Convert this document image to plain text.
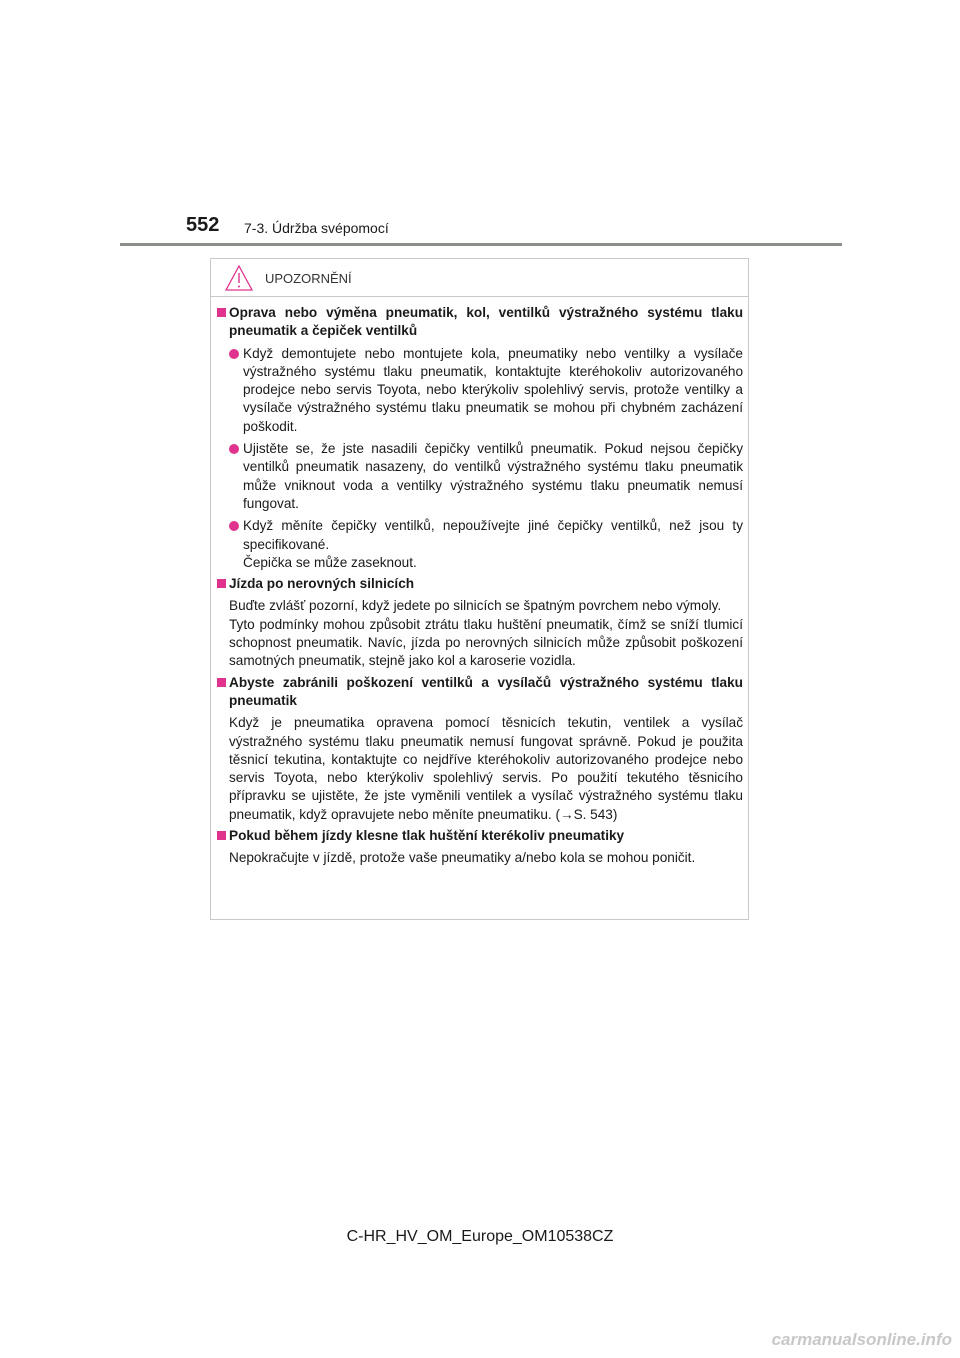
552 7-3. Údržba svépomocí
UPOZORNĚNÍ
Oprava nebo výměna pneumatik, kol, ventilků výstražného systému tlaku pneumatik a čepiček ventilků
Když demontujete nebo montujete kola, pneumatiky nebo ventilky a vysílače výstražného systému tlaku pneumatik, kontaktujte kteréhokoliv autorizovaného prodejce nebo servis Toyota, nebo kterýkoliv spolehlivý servis, protože ventilky a vysílače výstražného systému tlaku pneumatik se mohou při chybném zacházení poškodit.
Ujistěte se, že jste nasadili čepičky ventilků pneumatik. Pokud nejsou čepičky ventilků pneumatik nasazeny, do ventilků výstražného systému tlaku pneumatik může vniknout voda a ventilky výstražného systému tlaku pneumatik nemusí fungovat.
Když měníte čepičky ventilků, nepoužívejte jiné čepičky ventilků, než jsou ty specifikované.
Čepička se může zaseknout.
Jízda po nerovných silnicích
Buďte zvlášť pozorní, když jedete po silnicích se špatným povrchem nebo výmoly.
Tyto podmínky mohou způsobit ztrátu tlaku huštění pneumatik, čímž se sníží tlumicí schopnost pneumatik. Navíc, jízda po nerovných silnicích může způsobit poškození samotných pneumatik, stejně jako kol a karoserie vozidla.
Abyste zabránili poškození ventilků a vysílačů výstražného systému tlaku pneumatik
Když je pneumatika opravena pomocí těsnicích tekutin, ventilek a vysílač výstražného systému tlaku pneumatik nemusí fungovat správně. Pokud je použita těsnicí tekutina, kontaktujte co nejdříve kteréhokoliv autorizovaného prodejce nebo servis Toyota, nebo kterýkoliv spolehlivý servis. Po použití tekutého těsnicího přípravku se ujistěte, že jste vyměnili ventilek a vysílač výstražného systému tlaku pneumatik, když opravujete nebo měníte pneumatiku. (→S. 543)
Pokud během jízdy klesne tlak huštění kterékoliv pneumatiky
Nepokračujte v jízdě, protože vaše pneumatiky a/nebo kola se mohou poničit.
C-HR_HV_OM_Europe_OM10538CZ
carmanualsonline.info
